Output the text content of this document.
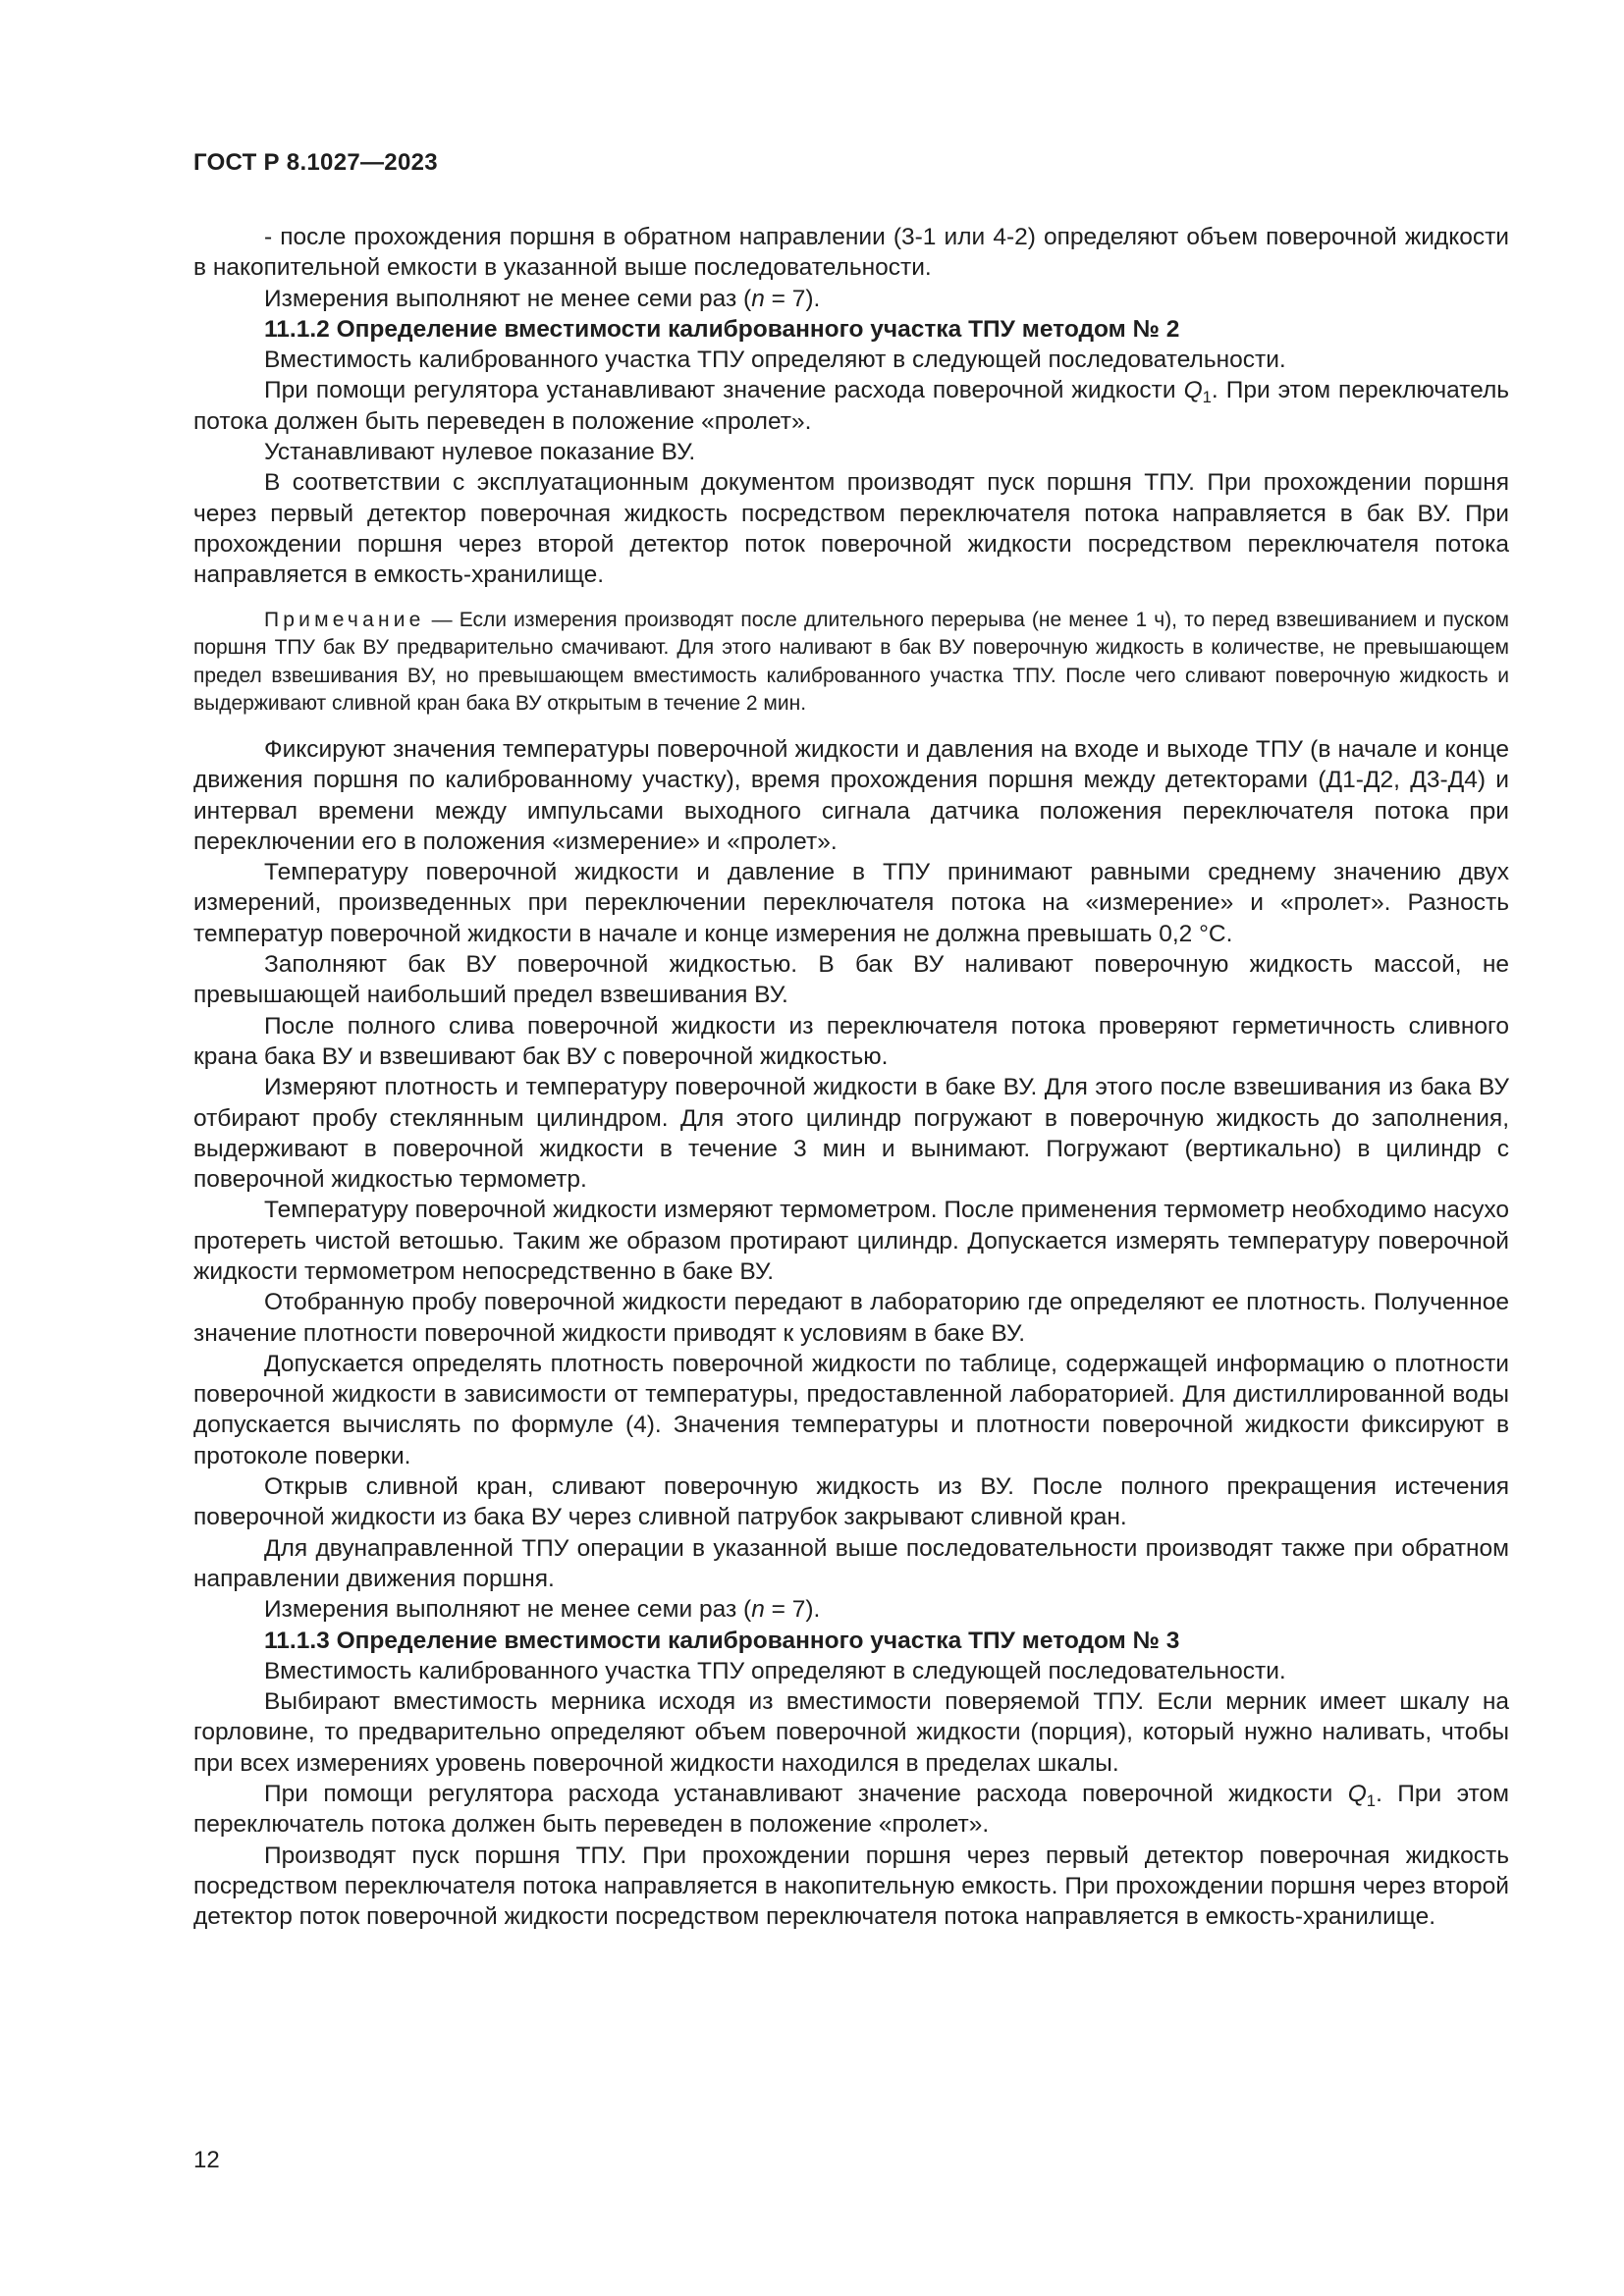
ГОСТ Р 8.1027—2023

- после прохождения поршня в обратном направлении (3-1 или 4-2) определяют объем поверочной жидкости в накопительной емкости в указанной выше последовательности.

Измерения выполняют не менее семи раз (n = 7).

11.1.2 Определение вместимости калиброванного участка ТПУ методом № 2

Вместимость калиброванного участка ТПУ определяют в следующей последовательности.

При помощи регулятора устанавливают значение расхода поверочной жидкости $Q_1$. При этом переключатель потока должен быть переведен в положение «пролет».

Устанавливают нулевое показание ВУ.

В соответствии с эксплуатационным документом производят пуск поршня ТПУ. При прохождении поршня через первый детектор поверочная жидкость посредством переключателя потока направляется в бак ВУ. При прохождении поршня через второй детектор поток поверочной жидкости посредством переключателя потока направляется в емкость-хранилище.

Примечание — Если измерения производят после длительного перерыва (не менее 1 ч), то перед взвешиванием и пуском поршня ТПУ бак ВУ предварительно смачивают. Для этого наливают в бак ВУ поверочную жидкость в количестве, не превышающем предел взвешивания ВУ, но превышающем вместимость калиброванного участка ТПУ. После чего сливают поверочную жидкость и выдерживают сливной кран бака ВУ открытым в течение 2 мин.

Фиксируют значения температуры поверочной жидкости и давления на входе и выходе ТПУ (в начале и конце движения поршня по калиброванному участку), время прохождения поршня между детекторами (Д1-Д2, Д3-Д4) и интервал времени между импульсами выходного сигнала датчика положения переключателя потока при переключении его в положения «измерение» и «пролет».

Температуру поверочной жидкости и давление в ТПУ принимают равными среднему значению двух измерений, произведенных при переключении переключателя потока на «измерение» и «пролет». Разность температур поверочной жидкости в начале и конце измерения не должна превышать 0,2 °С.

Заполняют бак ВУ поверочной жидкостью. В бак ВУ наливают поверочную жидкость массой, не превышающей наибольший предел взвешивания ВУ.

После полного слива поверочной жидкости из переключателя потока проверяют герметичность сливного крана бака ВУ и взвешивают бак ВУ с поверочной жидкостью.

Измеряют плотность и температуру поверочной жидкости в баке ВУ. Для этого после взвешивания из бака ВУ отбирают пробу стеклянным цилиндром. Для этого цилиндр погружают в поверочную жидкость до заполнения, выдерживают в поверочной жидкости в течение 3 мин и вынимают. Погружают (вертикально) в цилиндр с поверочной жидкостью термометр.

Температуру поверочной жидкости измеряют термометром. После применения термометр необходимо насухо протереть чистой ветошью. Таким же образом протирают цилиндр. Допускается измерять температуру поверочной жидкости термометром непосредственно в баке ВУ.

Отобранную пробу поверочной жидкости передают в лабораторию где определяют ее плотность. Полученное значение плотности поверочной жидкости приводят к условиям в баке ВУ.

Допускается определять плотность поверочной жидкости по таблице, содержащей информацию о плотности поверочной жидкости в зависимости от температуры, предоставленной лабораторией. Для дистиллированной воды допускается вычислять по формуле (4). Значения температуры и плотности поверочной жидкости фиксируют в протоколе поверки.

Открыв сливной кран, сливают поверочную жидкость из ВУ. После полного прекращения истечения поверочной жидкости из бака ВУ через сливной патрубок закрывают сливной кран.

Для двунаправленной ТПУ операции в указанной выше последовательности производят также при обратном направлении движения поршня.

Измерения выполняют не менее семи раз (n = 7).

11.1.3 Определение вместимости калиброванного участка ТПУ методом № 3

Вместимость калиброванного участка ТПУ определяют в следующей последовательности.

Выбирают вместимость мерника исходя из вместимости поверяемой ТПУ. Если мерник имеет шкалу на горловине, то предварительно определяют объем поверочной жидкости (порция), который нужно наливать, чтобы при всех измерениях уровень поверочной жидкости находился в пределах шкалы.

При помощи регулятора расхода устанавливают значение расхода поверочной жидкости $Q_1$. При этом переключатель потока должен быть переведен в положение «пролет».

Производят пуск поршня ТПУ. При прохождении поршня через первый детектор поверочная жидкость посредством переключателя потока направляется в накопительную емкость. При прохождении поршня через второй детектор поток поверочной жидкости посредством переключателя потока направляется в емкость-хранилище.

12
